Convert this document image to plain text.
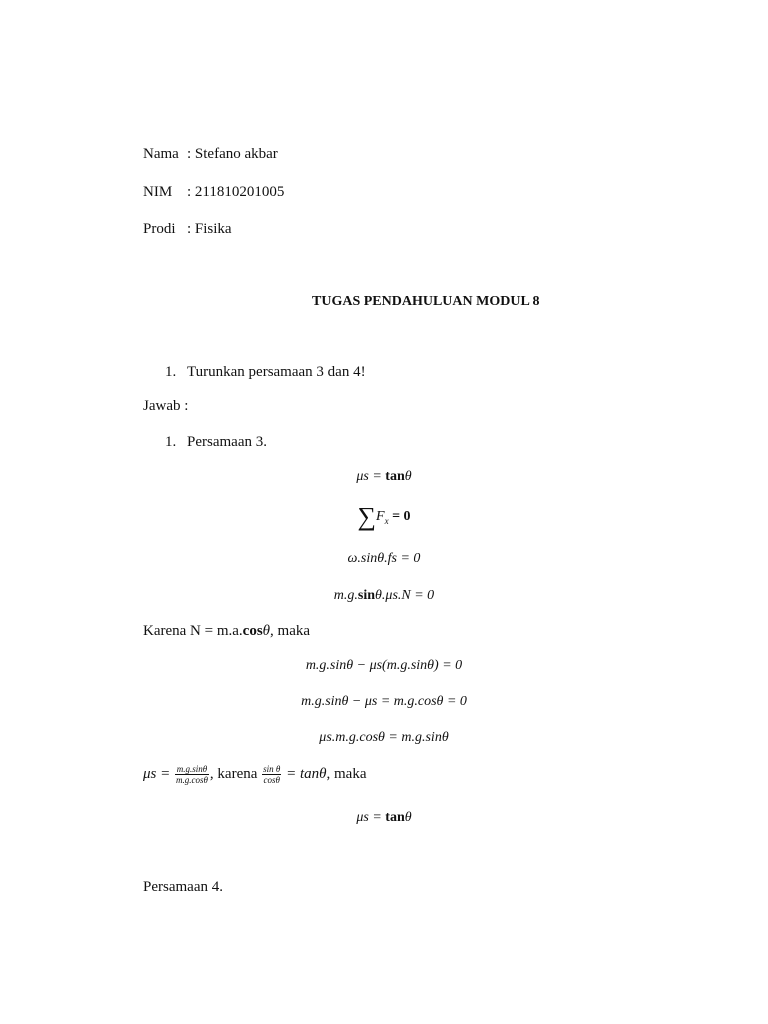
Nama : Stefano akbar
NIM : 211810201005
Prodi : Fisika
TUGAS PENDAHULUAN MODUL 8
1. Turunkan persamaan 3 dan 4!
Jawab :
1. Persamaan 3.
μs = tanθ
$\sum F_x = 0$
ω.sinθ.fs = 0
m.g.sinθ.μs.N = 0
Karena N = m.a.cosθ, maka
m.g.sinθ − μs(m.g.sinθ) = 0
m.g.sinθ − μs = m.g.cosθ = 0
μs.m.g.cosθ = m.g.sinθ
$\mu s = \frac{m.g.\sin\theta}{m.g.\cos\theta}$ , karena $\frac{\text{sin θ}}{\cos\theta} = \tan\theta$, maka
μs = tanθ
Persamaan 4.
